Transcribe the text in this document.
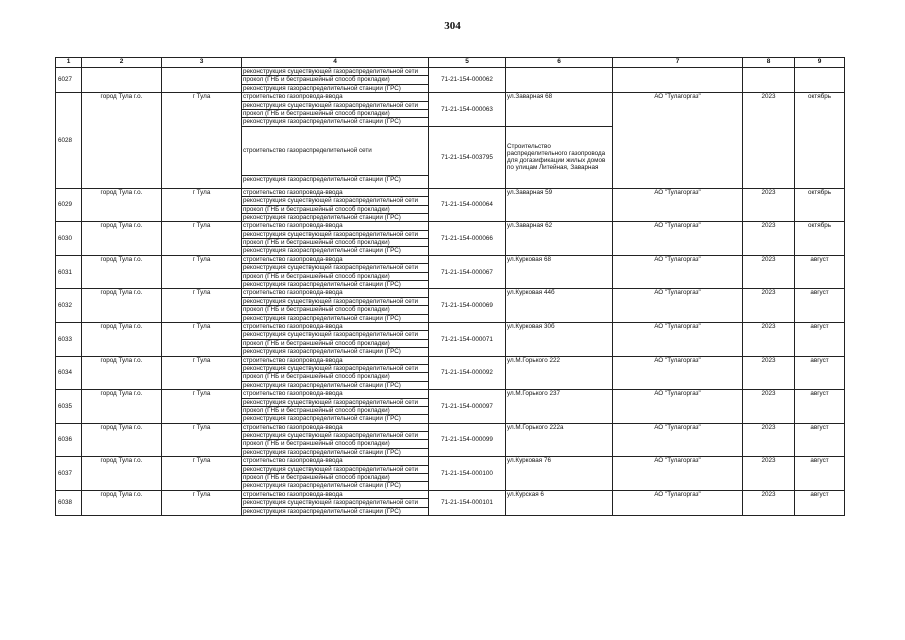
304
1	2	3	4	5	6	7	8	9
6027			реконструкция существующей газораспределительной сети	71-21-154-000062				
			прокол (ГНБ и бестраншейный способ прокладки)					
			реконструкция газораспределительной станции (ГРС)					
6028	город Тула г.о.	г Тула	строительство газопровода-ввода	71-21-154-000063	ул.Заварная 68	АО "Тулагоргаз"	2023	октябрь
			реконструкция существующей газораспределительной сети					
			прокол (ГНБ и бестраншейный способ прокладки)					
			реконструкция газораспределительной станции (ГРС)					
			строительство газораспределительной сети	71-21-154-003795	Строительство распределительного газопровода для догазификации жилых домов по улицам Литейная, Заварная			
			реконструкция газораспределительной станции (ГРС)					
6029	город Тула г.о.	г Тула	строительство газопровода-ввода	71-21-154-000064	ул.Заварная 59	АО "Тулагоргаз"	2023	октябрь
			реконструкция существующей газораспределительной сети					
			прокол (ГНБ и бестраншейный способ прокладки)					
			реконструкция газораспределительной станции (ГРС)					
6030	город Тула г.о.	г Тула	строительство газопровода-ввода	71-21-154-000066	ул.Заварная 62	АО "Тулагоргаз"	2023	октябрь
			реконструкция существующей газораспределительной сети					
			прокол (ГНБ и бестраншейный способ прокладки)					
			реконструкция газораспределительной станции (ГРС)					
6031	город Тула г.о.	г Тула	строительство газопровода-ввода	71-21-154-000067	ул.Курковая 68	АО "Тулагоргаз"	2023	август
			реконструкция существующей газораспределительной сети					
			прокол (ГНБ и бестраншейный способ прокладки)					
			реконструкция газораспределительной станции (ГРС)					
6032	город Тула г.о.	г Тула	строительство газопровода-ввода	71-21-154-000069	ул.Курковая 44б	АО "Тулагоргаз"	2023	август
			реконструкция существующей газораспределительной сети					
			прокол (ГНБ и бестраншейный способ прокладки)					
			реконструкция газораспределительной станции (ГРС)					
6033	город Тула г.о.	г Тула	строительство газопровода-ввода	71-21-154-000071	ул.Курковая 30б	АО "Тулагоргаз"	2023	август
			реконструкция существующей газораспределительной сети					
			прокол (ГНБ и бестраншейный способ прокладки)					
			реконструкция газораспределительной станции (ГРС)					
6034	город Тула г.о.	г Тула	строительство газопровода-ввода	71-21-154-000092	ул.М.Горького 222	АО "Тулагоргаз"	2023	август
			реконструкция существующей газораспределительной сети					
			прокол (ГНБ и бестраншейный способ прокладки)					
			реконструкция газораспределительной станции (ГРС)					
6035	город Тула г.о.	г Тула	строительство газопровода-ввода	71-21-154-000097	ул.М.Горького 237	АО "Тулагоргаз"	2023	август
			реконструкция существующей газораспределительной сети					
			прокол (ГНБ и бестраншейный способ прокладки)					
			реконструкция газораспределительной станции (ГРС)					
6036	город Тула г.о.	г Тула	строительство газопровода-ввода	71-21-154-000099	ул.М.Горького 222а	АО "Тулагоргаз"	2023	август
			реконструкция существующей газораспределительной сети					
			прокол (ГНБ и бестраншейный способ прокладки)					
			реконструкция газораспределительной станции (ГРС)					
6037	город Тула г.о.	г Тула	строительство газопровода-ввода	71-21-154-000100	ул.Курковая 76	АО "Тулагоргаз"	2023	август
			реконструкция существующей газораспределительной сети					
			прокол (ГНБ и бестраншейный способ прокладки)					
			реконструкция газораспределительной станции (ГРС)					
6038	город Тула г.о.	г Тула	строительство газопровода-ввода	71-21-154-000101	ул.Курская 6	АО "Тулагоргаз"	2023	август
			реконструкция существующей газораспределительной сети					
			реконструкция газораспределительной станции (ГРС)					
